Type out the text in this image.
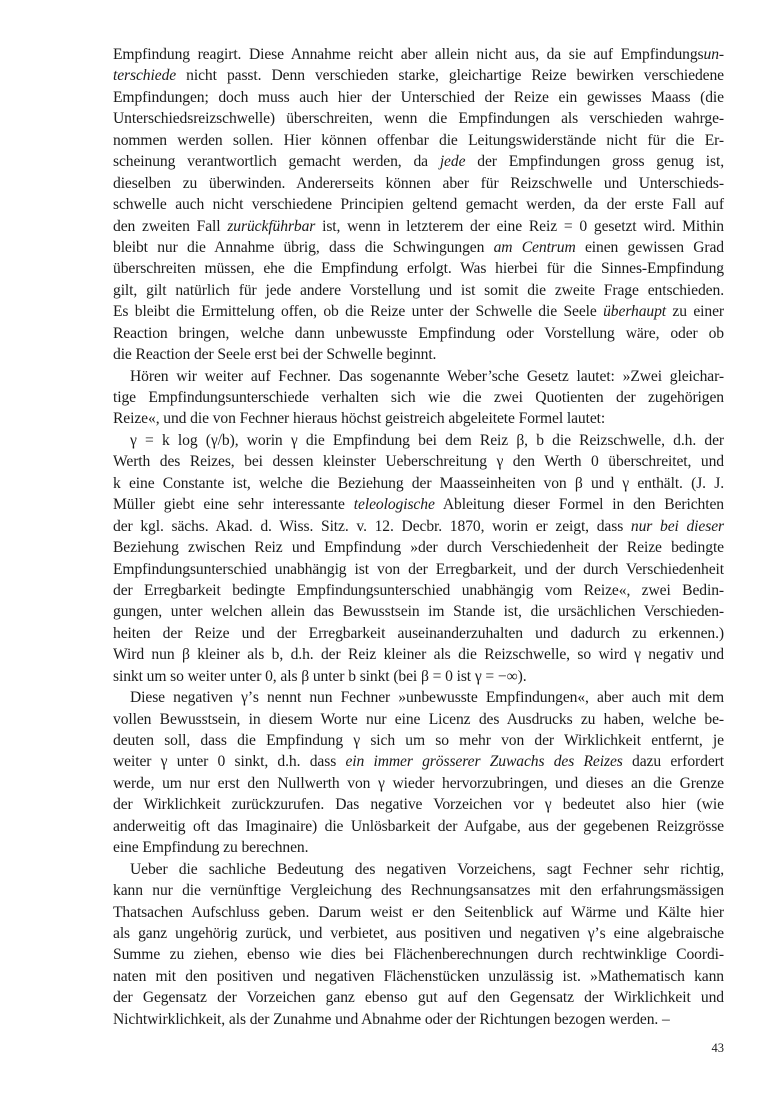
Empfindung reagirt. Diese Annahme reicht aber allein nicht aus, da sie auf Empfindungsun-
terschiede nicht passt. Denn verschieden starke, gleichartige Reize bewirken verschiedene
Empfindungen; doch muss auch hier der Unterschied der Reize ein gewisses Maass (die
Unterschiedsreizschwelle) überschreiten, wenn die Empfindungen als verschieden wahrge-
nommen werden sollen. Hier können offenbar die Leitungswiderstände nicht für die Er-
scheinung verantwortlich gemacht werden, da jede der Empfindungen gross genug ist,
dieselben zu überwinden. Andererseits können aber für Reizschwelle und Unterschieds-
schwelle auch nicht verschiedene Principien geltend gemacht werden, da der erste Fall auf
den zweiten Fall zurückführbar ist, wenn in letzterem der eine Reiz = 0 gesetzt wird. Mithin
bleibt nur die Annahme übrig, dass die Schwingungen am Centrum einen gewissen Grad
überschreiten müssen, ehe die Empfindung erfolgt. Was hierbei für die Sinnes-Empfindung
gilt, gilt natürlich für jede andere Vorstellung und ist somit die zweite Frage entschieden.
Es bleibt die Ermittelung offen, ob die Reize unter der Schwelle die Seele überhaupt zu einer
Reaction bringen, welche dann unbewusste Empfindung oder Vorstellung wäre, oder ob
die Reaction der Seele erst bei der Schwelle beginnt.
Hören wir weiter auf Fechner. Das sogenannte Weber’sche Gesetz lautet: »Zwei gleichar-
tige Empfindungsunterschiede verhalten sich wie die zwei Quotienten der zugehörigen
Reize«, und die von Fechner hieraus höchst geistreich abgeleitete Formel lautet:
γ = k log (γ/b), worin γ die Empfindung bei dem Reiz β, b die Reizschwelle, d.h. der
Werth des Reizes, bei dessen kleinster Ueberschreitung γ den Werth 0 überschreitet, und
k eine Constante ist, welche die Beziehung der Maasseinheiten von β und γ enthält. (J. J.
Müller giebt eine sehr interessante teleologische Ableitung dieser Formel in den Berichten
der kgl. sächs. Akad. d. Wiss. Sitz. v. 12. Decbr. 1870, worin er zeigt, dass nur bei dieser
Beziehung zwischen Reiz und Empfindung »der durch Verschiedenheit der Reize bedingte
Empfindungsunterschied unabhängig ist von der Erregbarkeit, und der durch Verschiedenheit
der Erregbarkeit bedingte Empfindungsunterschied unabhängig vom Reize«, zwei Bedin-
gungen, unter welchen allein das Bewusstsein im Stande ist, die ursächlichen Verschieden-
heiten der Reize und der Erregbarkeit auseinanderzuhalten und dadurch zu erkennen.)
Wird nun β kleiner als b, d.h. der Reiz kleiner als die Reizschwelle, so wird γ negativ und
sinkt um so weiter unter 0, als β unter b sinkt (bei β = 0 ist γ = −∞).
Diese negativen γ’s nennt nun Fechner »unbewusste Empfindungen«, aber auch mit dem
vollen Bewusstsein, in diesem Worte nur eine Licenz des Ausdrucks zu haben, welche be-
deuten soll, dass die Empfindung γ sich um so mehr von der Wirklichkeit entfernt, je
weiter γ unter 0 sinkt, d.h. dass ein immer grösserer Zuwachs des Reizes dazu erfordert
werde, um nur erst den Nullwerth von γ wieder hervorzubringen, und dieses an die Grenze
der Wirklichkeit zurückzurufen. Das negative Vorzeichen vor γ bedeutet also hier (wie
anderweitig oft das Imaginaire) die Unlösbarkeit der Aufgabe, aus der gegebenen Reizgrösse
eine Empfindung zu berechnen.
Ueber die sachliche Bedeutung des negativen Vorzeichens, sagt Fechner sehr richtig,
kann nur die vernünftige Vergleichung des Rechnungsansatzes mit den erfahrungsmässigen
Thatsachen Aufschluss geben. Darum weist er den Seitenblick auf Wärme und Kälte hier
als ganz ungehörig zurück, und verbietet, aus positiven und negativen γ’s eine algebraische
Summe zu ziehen, ebenso wie dies bei Flächenberechnungen durch rechtwinklige Coordi-
naten mit den positiven und negativen Flächenstücken unzulässig ist. »Mathematisch kann
der Gegensatz der Vorzeichen ganz ebenso gut auf den Gegensatz der Wirklichkeit und
Nichtwirklichkeit, als der Zunahme und Abnahme oder der Richtungen bezogen werden. –
43
